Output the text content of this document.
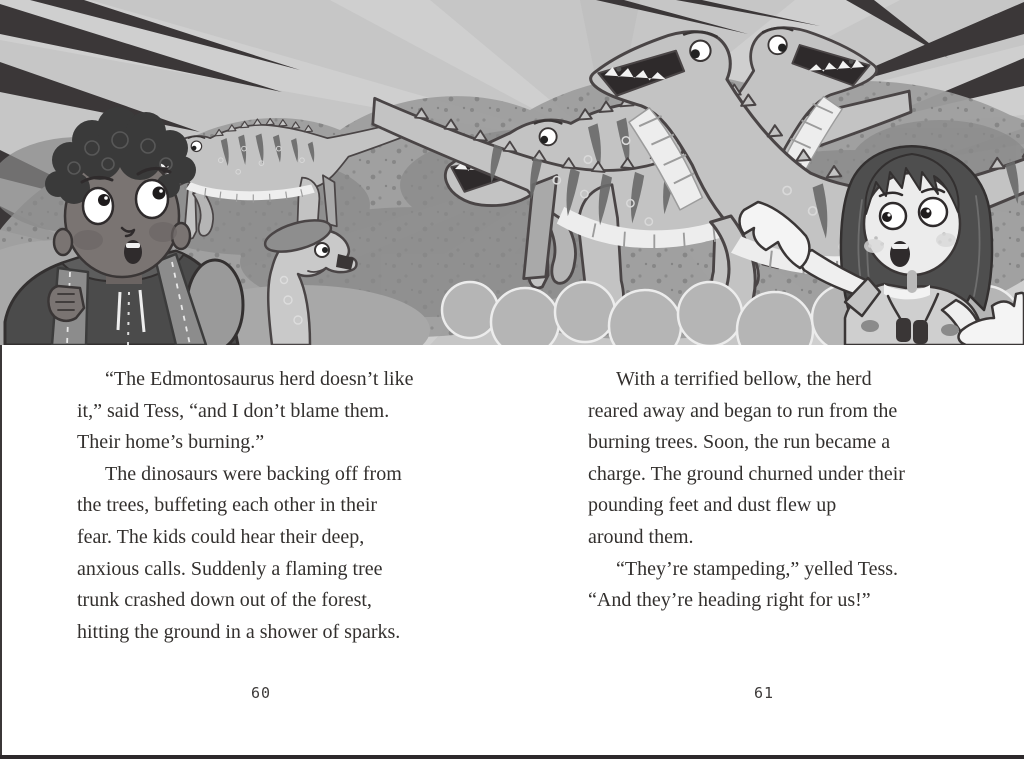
“The Edmontosaurus herd doesn’t like
it,” said Tess, “and I don’t blame them.
Their home’s burning.”
The dinosaurs were backing off from
the trees, buffeting each other in their
fear. The kids could hear their deep,
anxious calls. Suddenly a flaming tree
trunk crashed down out of the forest,
hitting the ground in a shower of sparks.
With a terrified bellow, the herd
reared away and began to run from the
burning trees. Soon, the run became a
charge. The ground churned under their
pounding feet and dust flew up
around them.
“They’re stampeding,” yelled Tess.
“And they’re heading right for us!”
60	61
